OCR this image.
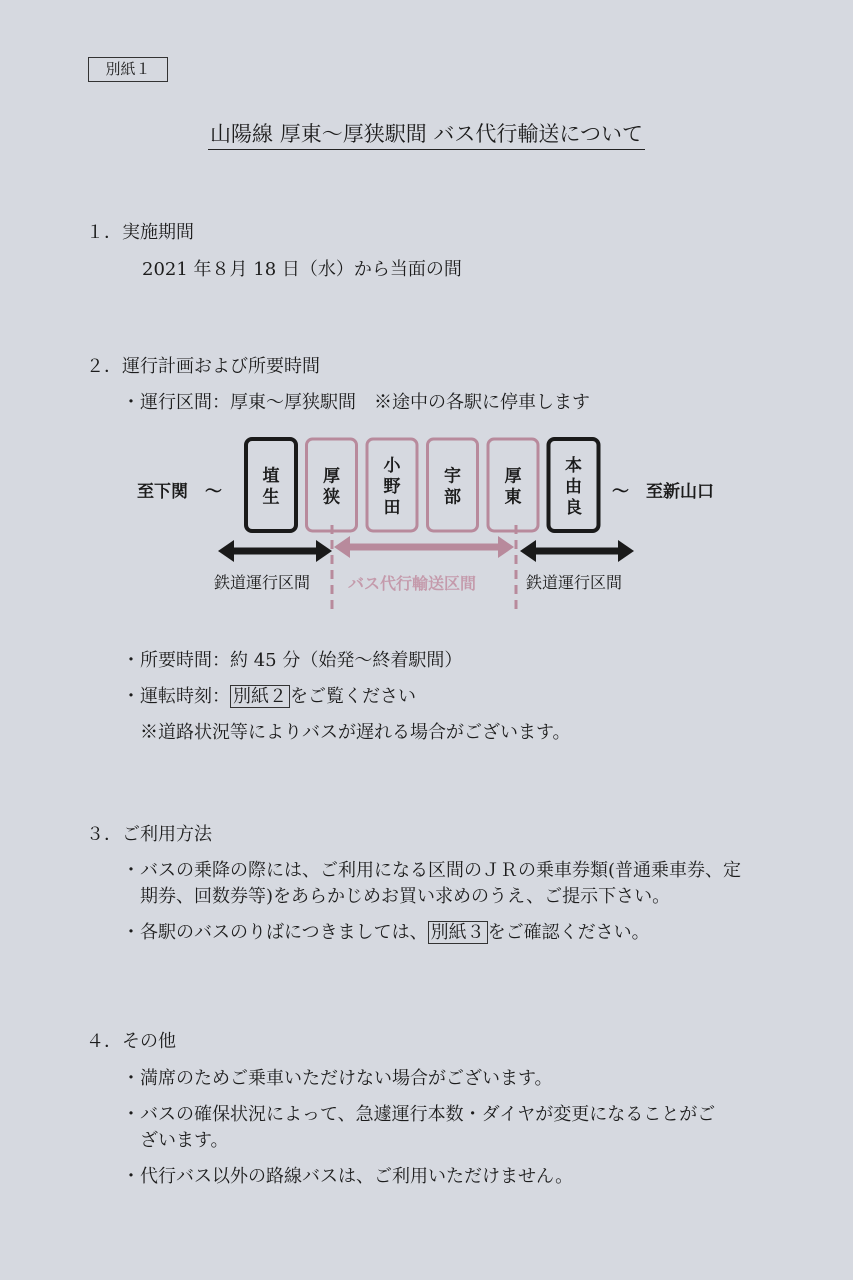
別紙１
山陽線 厚東～厚狭駅間 バス代行輸送について
１．実施期間
2021 年８月 18 日（水）から当面の間
２．運行計画および所要時間
・運行区間：厚東～厚狭駅間　※途中の各駅に停車します
至下関　～	～　至新山口
埴
生
厚
狭
小
野
田
宇
部
厚
東
本
由
良
鉄道運行区間 バス代行輸送区間	鉄道運行区間
・所要時間：約 45 分（始発～終着駅間）
・運転時刻： 別紙２ をご覧ください
※道路状況等によりバスが遅れる場合がございます。
３．ご利用方法
・バスの乗降の際には、ご利用になる区間のＪＲの乗車券類(普通乗車券、定
期券、回数券等)をあらかじめお買い求めのうえ、ご提示下さい。
・各駅のバスのりばにつきましては、 別紙３ をご確認ください。
４．その他
・満席のためご乗車いただけない場合がございます。
・バスの確保状況によって、急遽運行本数・ダイヤが変更になることがご
ざいます。
・代行バス以外の路線バスは、ご利用いただけません。
